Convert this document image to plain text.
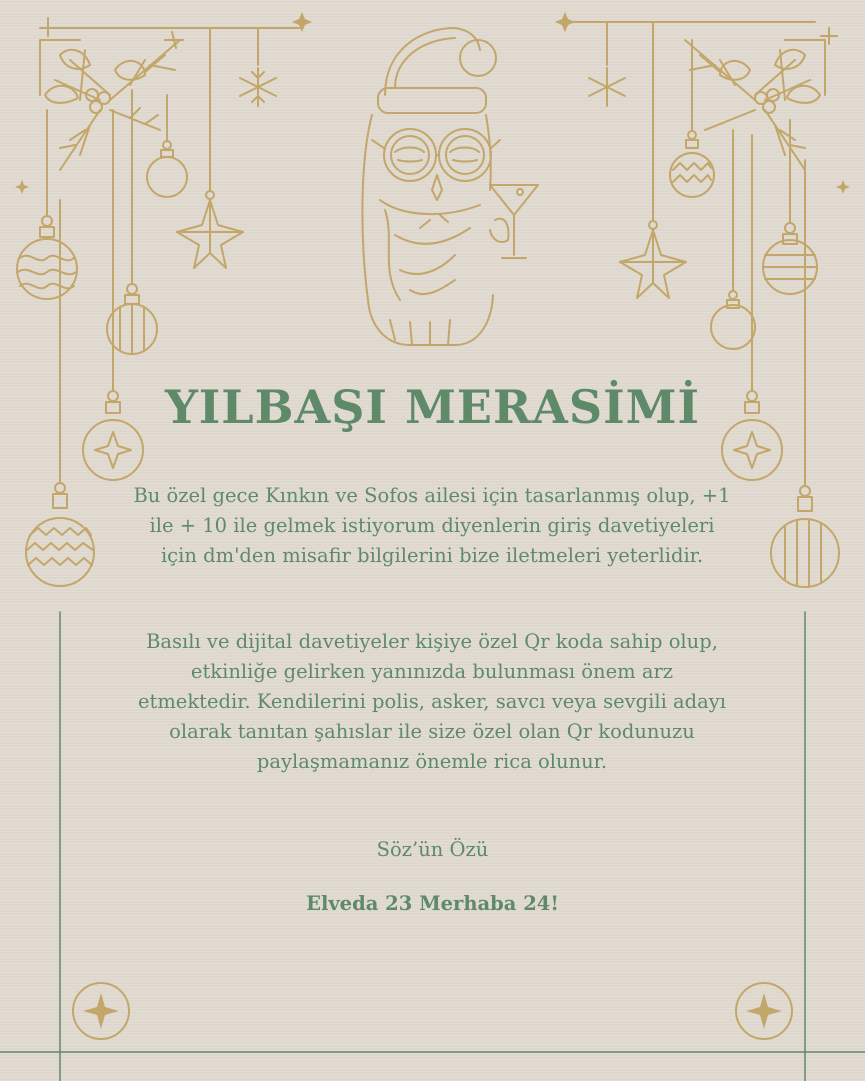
YILBAŞI MERASİMİ

Bu özel gece Kınkın ve Sofos ailesi için tasarlanmış olup, +1 ile + 10 ile gelmek istiyorum diyenlerin giriş davetiyeleri için dm'den misafir bilgilerini bize iletmeleri yeterlidir.

Basılı ve dijital davetiyeler kişiye özel Qr koda sahip olup, etkinliğe gelirken yanınızda bulunması önem arz etmektedir. Kendilerini polis, asker, savcı veya sevgili adayı olarak tanıtan şahıslar ile size özel olan Qr kodunuzu paylaşmamanız önemle rica olunur.

Söz’ün Özü

Elveda 23 Merhaba 24!
